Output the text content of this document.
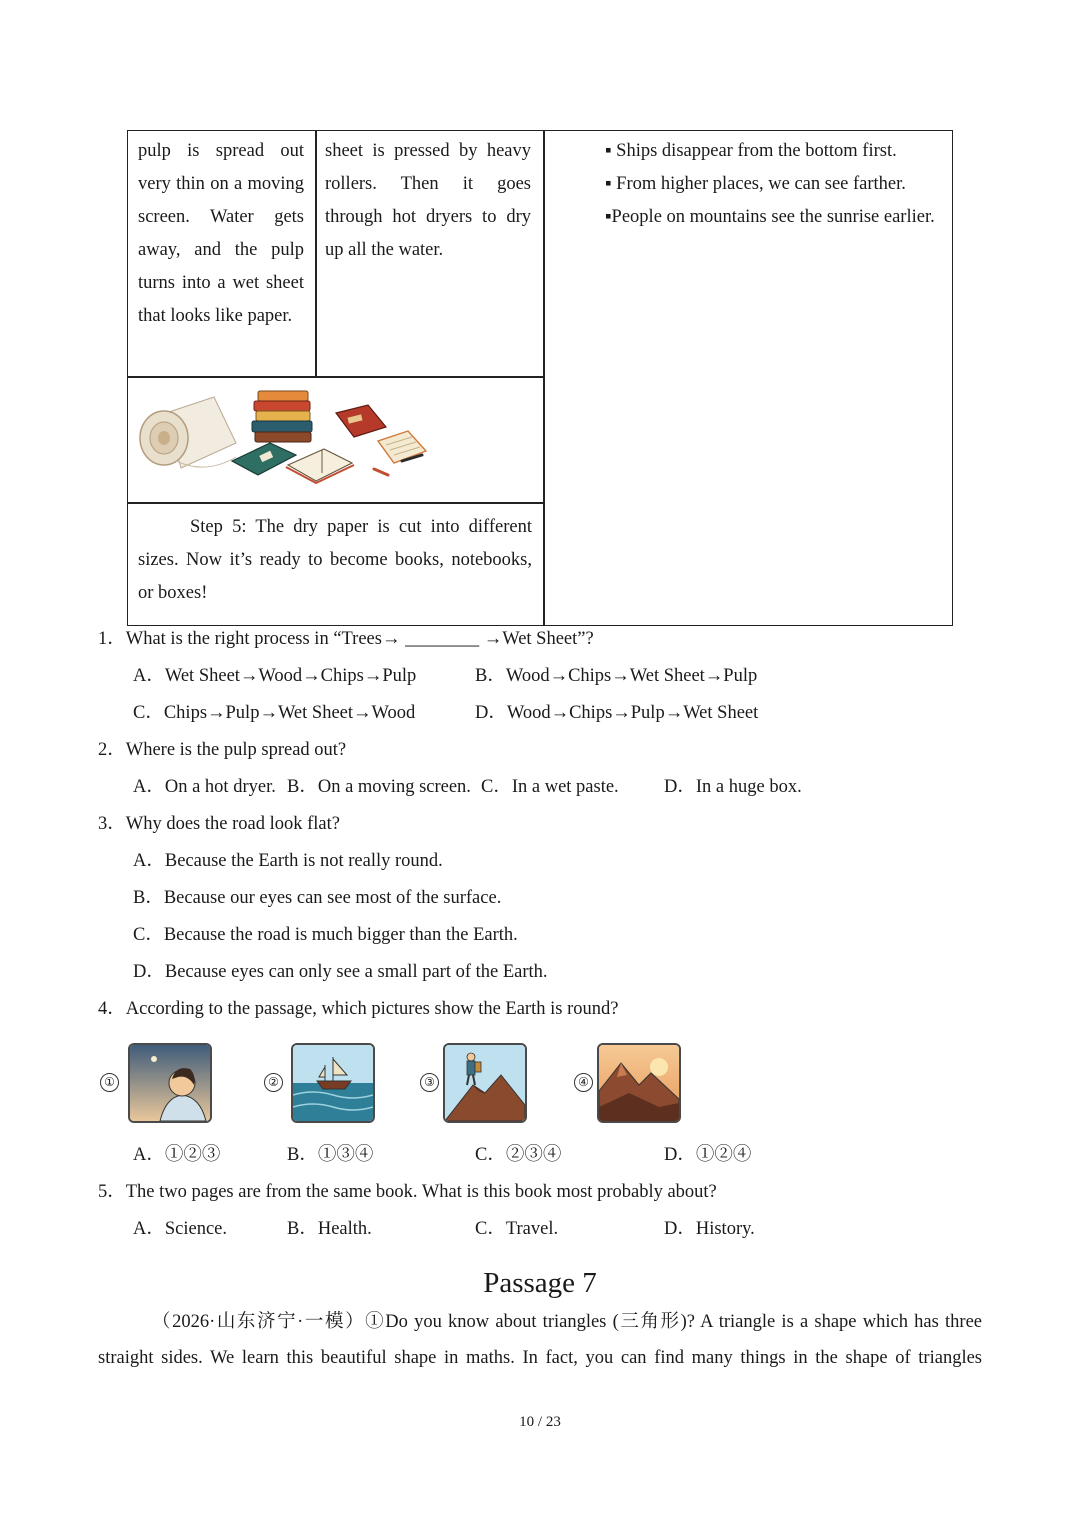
pulp is spread out very thin on a moving screen. Water gets away, and the pulp turns into a wet sheet that looks like paper.
sheet is pressed by heavy rollers. Then it goes through hot dryers to dry up all the water.
Step 5: The dry paper is cut into different sizes. Now it’s ready to become books, notebooks, or boxes!
▪ Ships disappear from the bottom first.
▪ From higher places, we can see farther.
▪People on mountains see the sunrise earlier.
1．What is the right process in “Trees→ ________ →Wet Sheet”?
A．Wet Sheet→Wood→Chips→Pulp	B．Wood→Chips→Wet Sheet→Pulp
C．Chips→Pulp→Wet Sheet→Wood	D．Wood→Chips→Pulp→Wet Sheet
2．Where is the pulp spread out?
A．On a hot dryer. B．On a moving screen. C．In a wet paste. D．In a huge box.
3．Why does the road look flat?
A．Because the Earth is not really round.
B．Because our eyes can see most of the surface.
C．Because the road is much bigger than the Earth.
D．Because eyes can only see a small part of the Earth.
4．According to the passage, which pictures show the Earth is round?
①	②	③	④
A．①②③	B．①③④	C．②③④	D．①②④
5．The two pages are from the same book. What is this book most probably about?
A．Science.	B．Health.	C．Travel.	D．History.
Passage 7
（2026·山东济宁·一模）①Do you know about triangles (三角形)? A triangle is a shape which has three
straight sides. We learn this beautiful shape in maths. In fact, you can find many things in the shape of triangles
10 / 23
